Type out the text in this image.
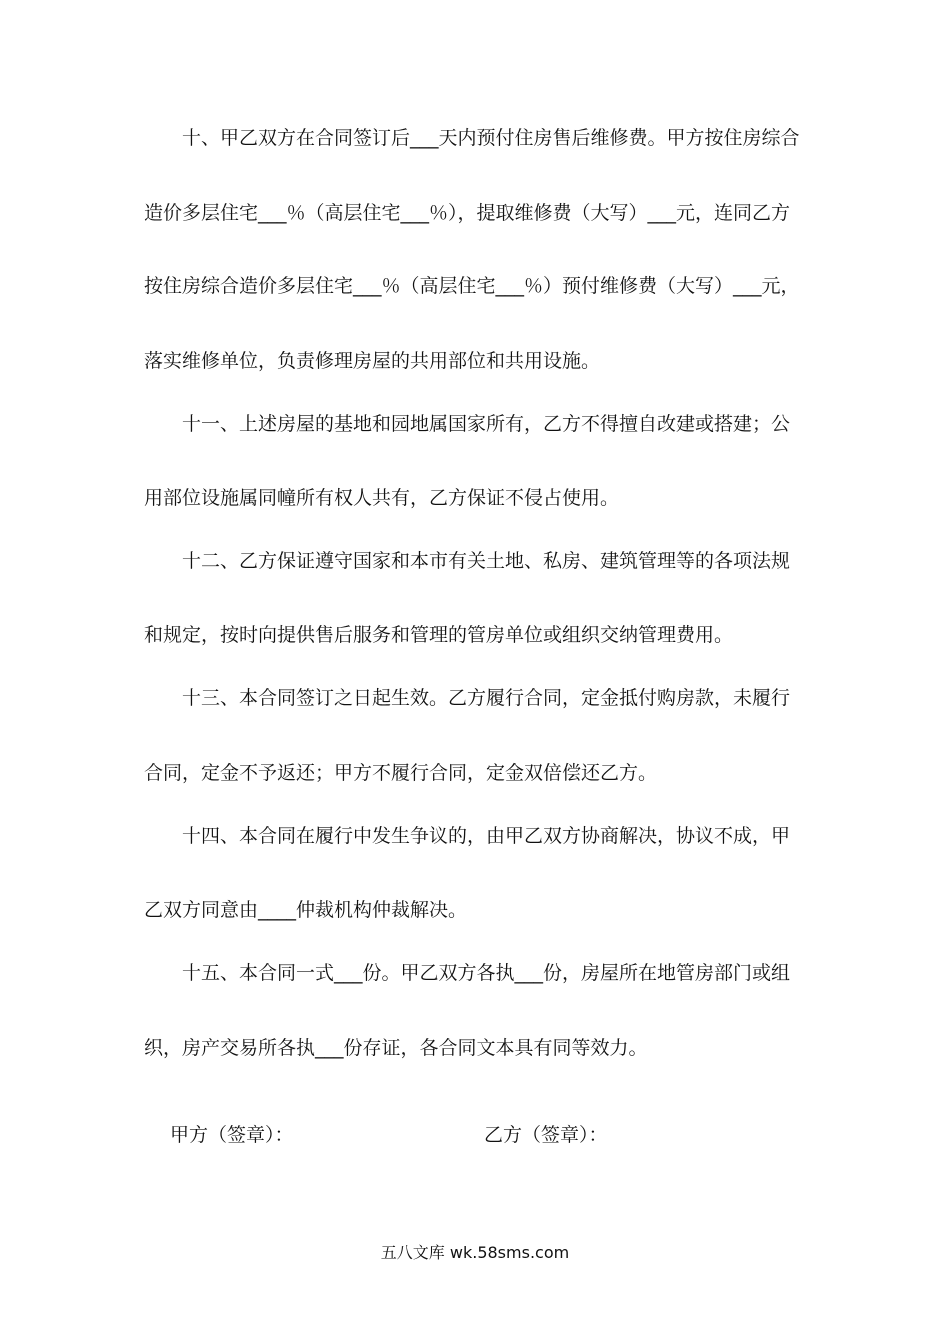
十、甲乙双方在合同签订后___天内预付住房售后维修费。甲方按住房综合
造价多层住宅___％（高层住宅___％），提取维修费（大写）___元，连同乙方
按住房综合造价多层住宅___％（高层住宅___％）预付维修费（大写）___元，
落实维修单位，负责修理房屋的共用部位和共用设施。
十一、上述房屋的基地和园地属国家所有，乙方不得擅自改建或搭建；公
用部位设施属同幢所有权人共有，乙方保证不侵占使用。
十二、乙方保证遵守国家和本市有关土地、私房、建筑管理等的各项法规
和规定，按时向提供售后服务和管理的管房单位或组织交纳管理费用。
十三、本合同签订之日起生效。乙方履行合同，定金抵付购房款，未履行
合同，定金不予返还；甲方不履行合同，定金双倍偿还乙方。
十四、本合同在履行中发生争议的，由甲乙双方协商解决，协议不成，甲
乙双方同意由____仲裁机构仲裁解决。
十五、本合同一式___份。甲乙双方各执___份，房屋所在地管房部门或组
织，房产交易所各执___份存证，各合同文本具有同等效力。
甲方（签章）：	乙方（签章）：
五八文库 wk.58sms.com
